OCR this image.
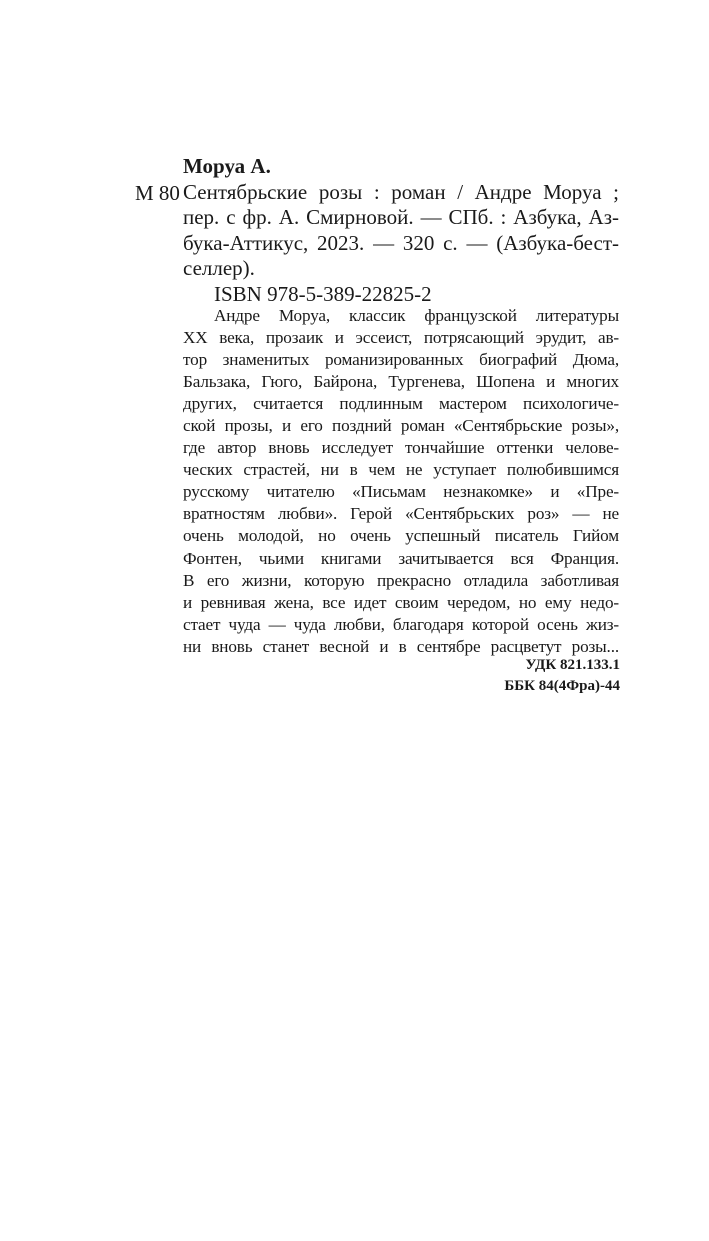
Моруа А.
М 80 Сентябрьские розы : роман / Андре Моруа ;
пер. с фр. А. Смирновой. — СПб. : Азбука, Аз-
бука-Аттикус, 2023. — 320 с. — (Азбука-бест-
селлер).
ISBN 978-5-389-22825-2
Андре Моруа, классик французской литературы
XX века, прозаик и эссеист, потрясающий эрудит, ав-
тор знаменитых романизированных биографий Дюма,
Бальзака, Гюго, Байрона, Тургенева, Шопена и многих
других, считается подлинным мастером психологиче-
ской прозы, и его поздний роман «Сентябрьские розы»,
где автор вновь исследует тончайшие оттенки челове-
ческих страстей, ни в чем не уступает полюбившимся
русскому читателю «Письмам незнакомке» и «Пре-
вратностям любви». Герой «Сентябрьских роз» — не
очень молодой, но очень успешный писатель Гийом
Фонтен, чьими книгами зачитывается вся Франция.
В его жизни, которую прекрасно отладила заботливая
и ревнивая жена, все идет своим чередом, но ему недо-
стает чуда — чуда любви, благодаря которой осень жиз-
ни вновь станет весной и в сентябре расцветут розы...
УДК 821.133.1
ББК 84(4Фра)-44
